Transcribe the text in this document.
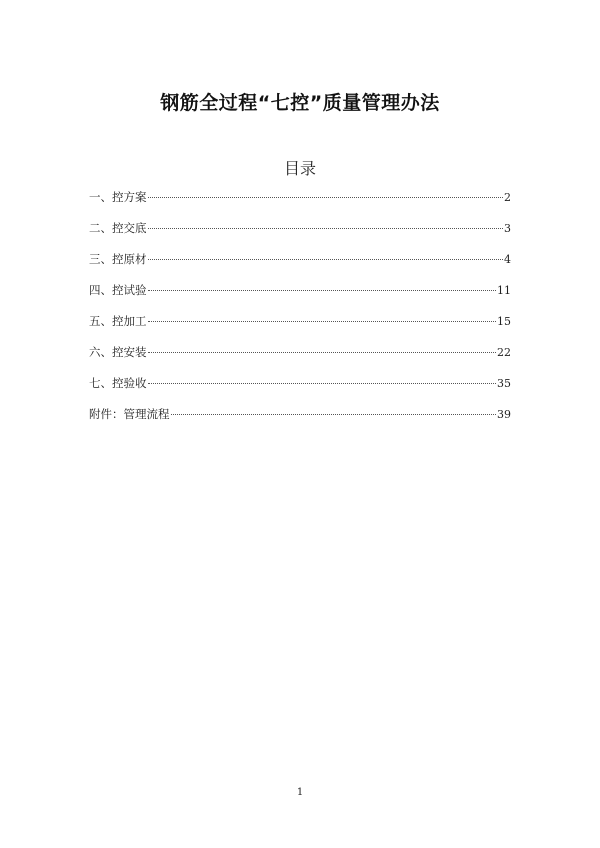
钢筋全过程“七控”质量管理办法
目录
一、控方案	2
二、控交底	3
三、控原材	4
四、控试验	11
五、控加工	15
六、控安装	22
七、控验收	35
附件：管理流程	39
1
